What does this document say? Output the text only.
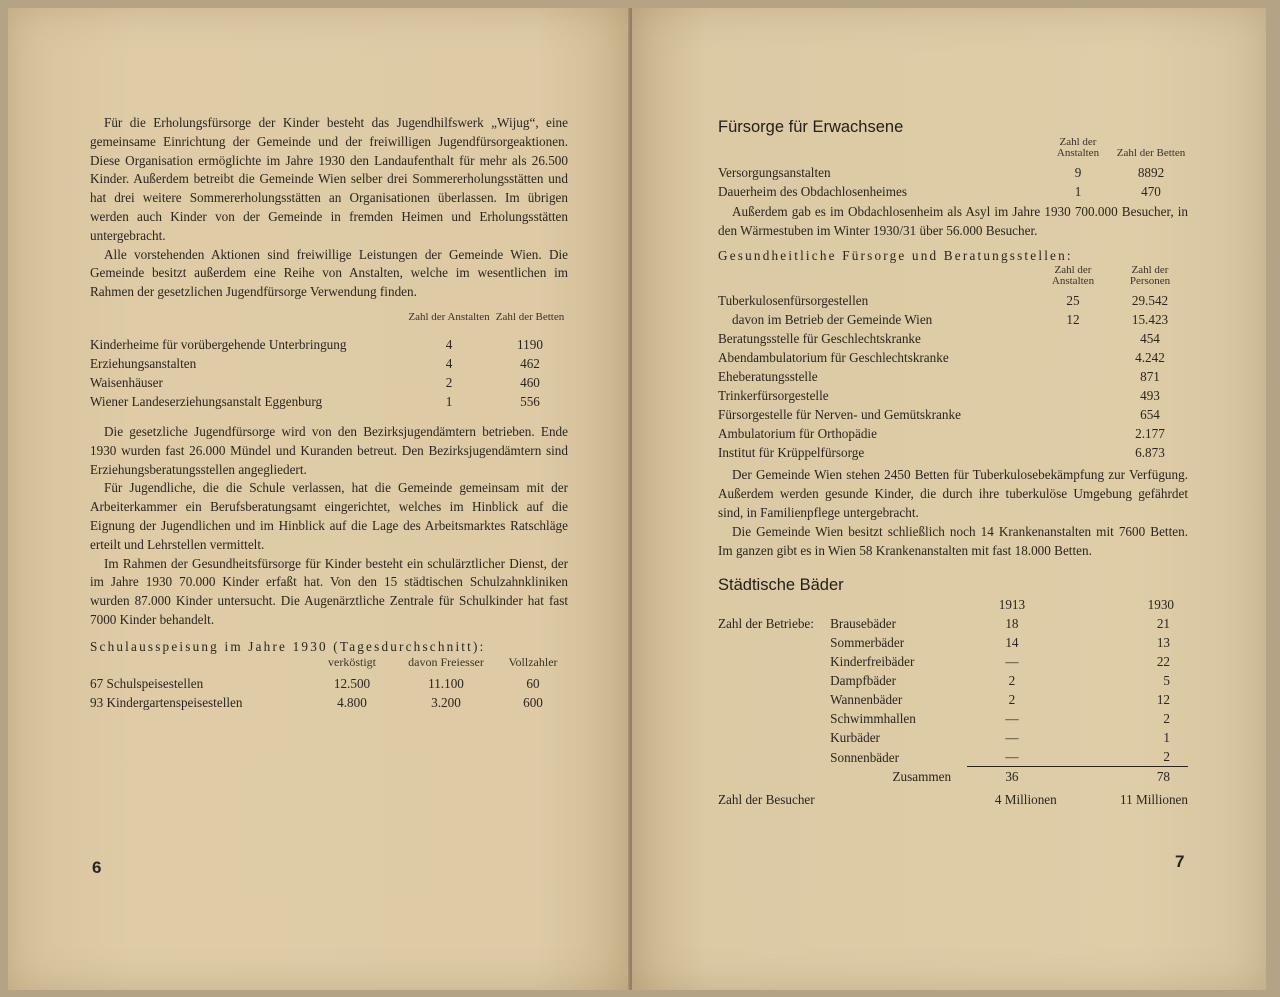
Für die Erholungsfürsorge der Kinder besteht das Jugendhilfswerk „Wijug“, eine gemeinsame Einrichtung der Gemeinde und der freiwilligen Jugendfürsorgeaktionen. Diese Organisation ermöglichte im Jahre 1930 den Landaufenthalt für mehr als 26.500 Kinder. Außerdem betreibt die Gemeinde Wien selber drei Sommererholungsstätten und hat drei weitere Sommererholungsstätten an Organisationen überlassen. Im übrigen werden auch Kinder von der Gemeinde in fremden Heimen und Erholungsstätten untergebracht.

Alle vorstehenden Aktionen sind freiwillige Leistungen der Gemeinde Wien. Die Gemeinde besitzt außerdem eine Reihe von Anstalten, welche im wesentlichen im Rahmen der gesetzlichen Jugendfürsorge Verwendung finden.

	Zahl der Anstalten	Zahl der Betten
Kinderheime für vorübergehende Unterbringung	4	1190
Erziehungsanstalten	4	462
Waisenhäuser	2	460
Wiener Landeserziehungsanstalt Eggenburg	1	556

Die gesetzliche Jugendfürsorge wird von den Bezirksjugendämtern betrieben. Ende 1930 wurden fast 26.000 Mündel und Kuranden betreut. Den Bezirksjugendämtern sind Erziehungsberatungsstellen angegliedert.

Für Jugendliche, die die Schule verlassen, hat die Gemeinde gemeinsam mit der Arbeiterkammer ein Berufsberatungsamt eingerichtet, welches im Hinblick auf die Eignung der Jugendlichen und im Hinblick auf die Lage des Arbeitsmarktes Ratschläge erteilt und Lehrstellen vermittelt.

Im Rahmen der Gesundheitsfürsorge für Kinder besteht ein schulärztlicher Dienst, der im Jahre 1930 70.000 Kinder erfaßt hat. Von den 15 städtischen Schulzahnkliniken wurden 87.000 Kinder untersucht. Die Augenärztliche Zentrale für Schulkinder hat fast 7000 Kinder behandelt.

Schulausspeisung im Jahre 1930 (Tagesdurchschnitt):

	verköstigt	davon Freiesser	Vollzahler
67 Schulspeisestellen	12.500	11.100	60
93 Kindergartenspeisestellen	4.800	3.200	600
6
Fürsorge für Erwachsene
	Zahl der Anstalten	Zahl der Betten
Versorgungsanstalten	9	8892
Dauerheim des Obdachlosenheimes	1	470

Außerdem gab es im Obdachlosenheim als Asyl im Jahre 1930 700.000 Besucher, in den Wärmestuben im Winter 1930/31 über 56.000 Besucher.

Gesundheitliche Fürsorge und Beratungsstellen:

	Zahl der Anstalten	Zahl der Personen
Tuberkulosenfürsorgestellen	25	29.542
davon im Betrieb der Gemeinde Wien	12	15.423
Beratungsstelle für Geschlechtskranke		454
Abendambulatorium für Geschlechtskranke		4.242
Eheberatungsstelle		871
Trinkerfürsorgestelle		493
Fürsorgestelle für Nerven- und Gemütskranke		654
Ambulatorium für Orthopädie		2.177
Institut für Krüppelfürsorge		6.873

Der Gemeinde Wien stehen 2450 Betten für Tuberkulosebekämpfung zur Verfügung. Außerdem werden gesunde Kinder, die durch ihre tuberkulöse Umgebung gefährdet sind, in Familienpflege untergebracht.

Die Gemeinde Wien besitzt schließlich noch 14 Krankenanstalten mit 7600 Betten. Im ganzen gibt es in Wien 58 Krankenanstalten mit fast 18.000 Betten.

Städtische Bäder
		1913	1930
Zahl der Betriebe:	Brausebäder	18	21
	Sommerbäder	14	13
	Kinderfreibäder	—	22
	Dampfbäder	2	5
	Wannenbäder	2	12
	Schwimmhallen	—	2
	Kurbäder	—	1
	Sonnenbäder	—	2
	Zusammen	36	78
Zahl der Besucher		4 Millionen	11 Millionen
7
